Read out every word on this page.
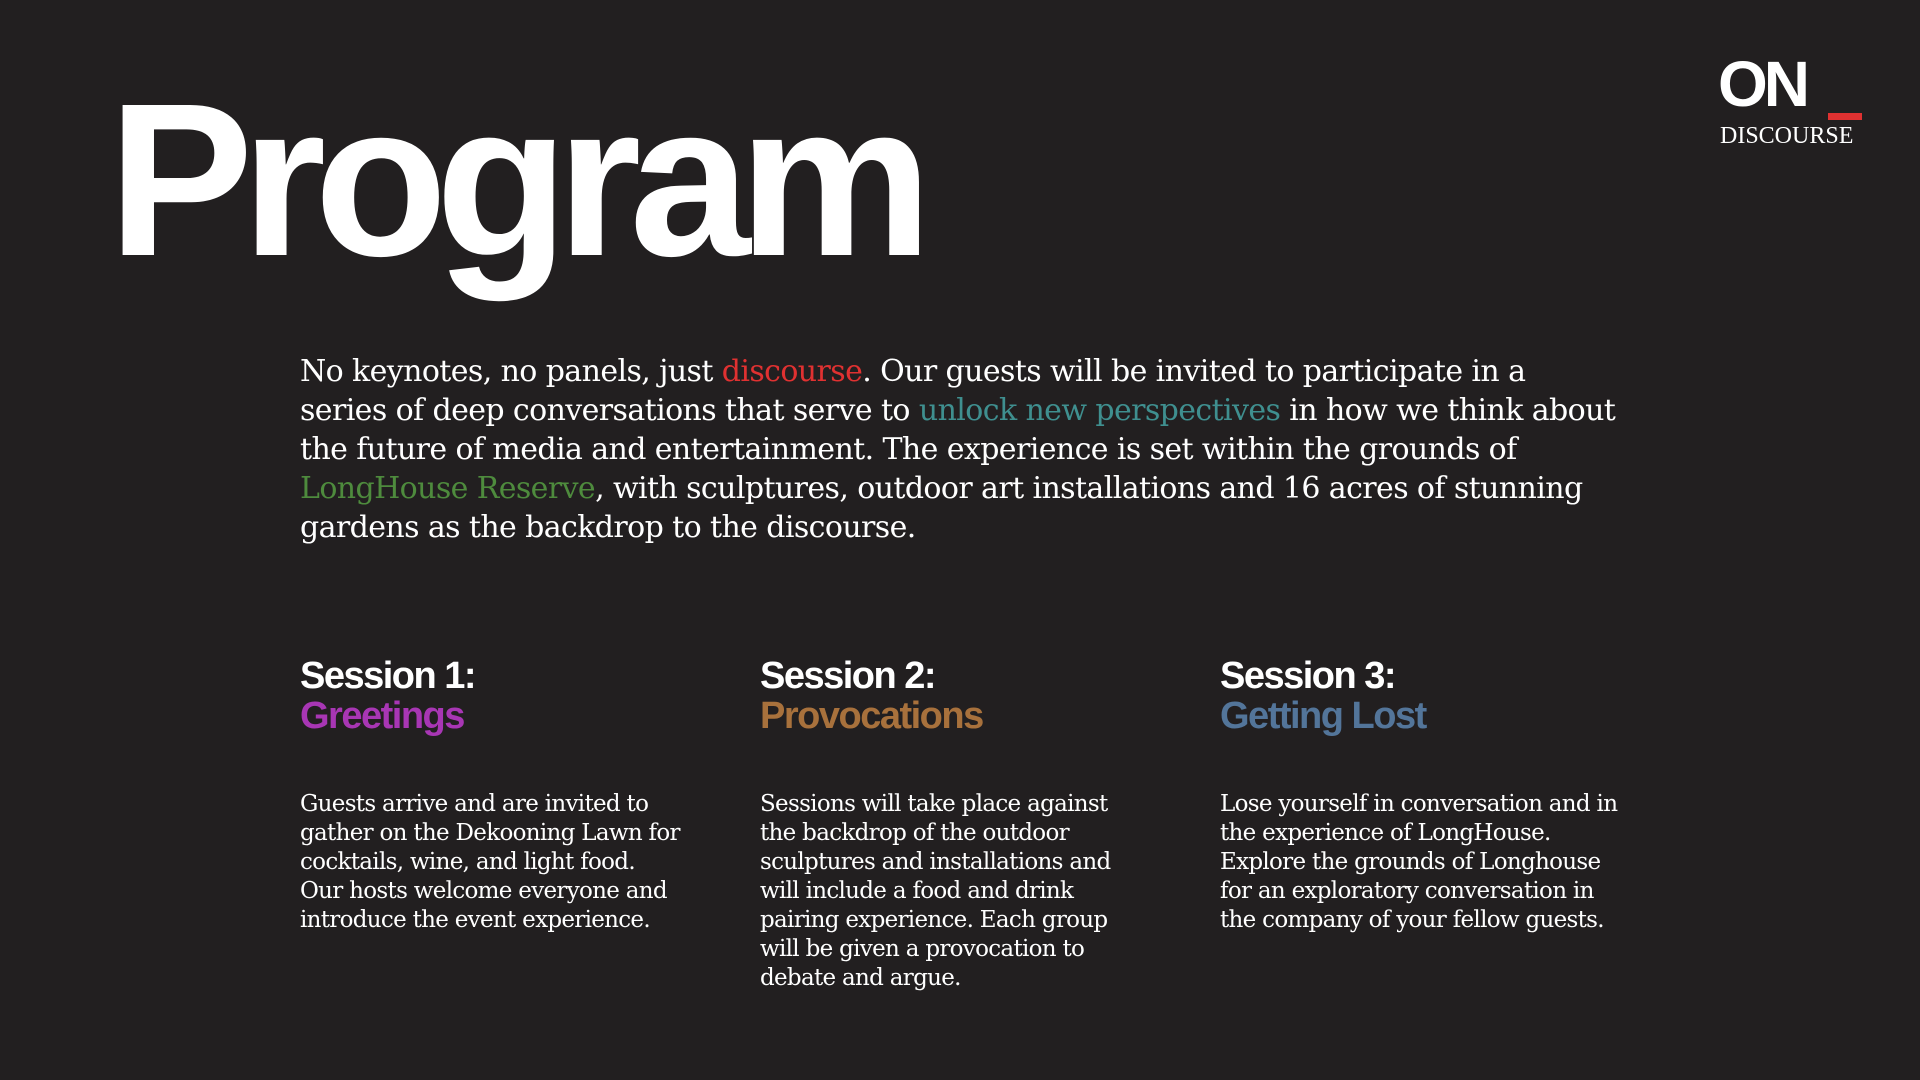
Program	ON
DISCOURSE

No keynotes, no panels, just discourse. Our guests will be invited to participate in a series of deep conversations that serve to unlock new perspectives in how we think about the future of media and entertainment. The experience is set within the grounds of LongHouse Reserve, with sculptures, outdoor art installations and 16 acres of stunning gardens as the backdrop to the discourse.

Session 1:
Greetings
Guests arrive and are invited to gather on the Dekooning Lawn for cocktails, wine, and light food. Our hosts welcome everyone and introduce the event experience.
Session 2:
Provocations
Sessions will take place against the backdrop of the outdoor sculptures and installations and will include a food and drink pairing experience. Each group will be given a provocation to debate and argue.
Session 3:
Getting Lost
Lose yourself in conversation and in the experience of LongHouse. Explore the grounds of Longhouse for an exploratory conversation in the company of your fellow guests.
